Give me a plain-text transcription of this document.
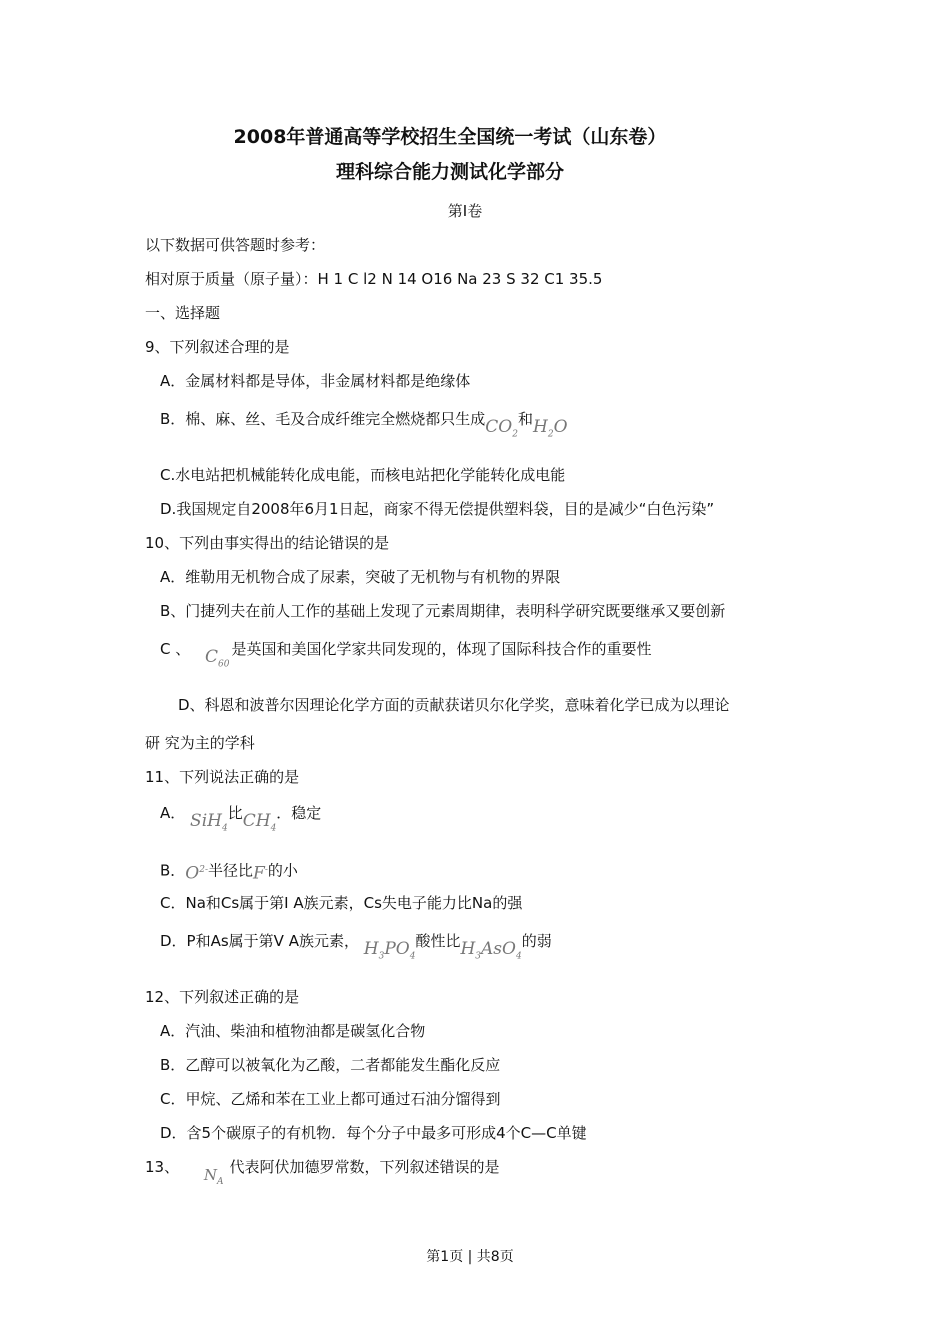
2008年普通高等学校招生全国统一考试（山东卷）
理科综合能力测试化学部分
第Ⅰ卷
以下数据可供答题时参考：
相对原于质量（原子量）：H 1 C l2 N 14 O16 Na 23 S 32 C1 35.5
一、选择题
9、下列叙述合理的是
A．金属材料都是导体，非金属材料都是绝缘体
B．棉、麻、丝、毛及合成纤维完全燃烧都只生成$CO_2$和$H_2O$
C.水电站把机械能转化成电能，而核电站把化学能转化成电能
D.我国规定自2008年6月1日起，商家不得无偿提供塑料袋，目的是减少“白色污染”
10、下列由事实得出的结论错误的是
A．维勒用无机物合成了尿素，突破了无机物与有机物的界限
B、门捷列夫在前人工作的基础上发现了元素周期律，表明科学研究既要继承又要创新
C 、 $C_{60}$是英国和美国化学家共同发现的，体现了国际科技合作的重要性
D、科恩和波普尔因理论化学方面的贡献获诺贝尔化学奖，意味着化学已成为以理论
研 究为主的学科
11、下列说法正确的是
A． SiH$_4$比$CH_4$．稳定
B．$O^{2-}$半径比F-的小
C．Na和Cs属于第Ⅰ A族元素，Cs失电子能力比Na的强
D．P和As属于第Ⅴ A族元素， $H_3PO_4$酸性比$H_3AsO_4$的弱
12、下列叙述正确的是
A．汽油、柴油和植物油都是碳氢化合物
B．乙醇可以被氧化为乙酸，二者都能发生酯化反应
C．甲烷、乙烯和苯在工业上都可通过石油分馏得到
D．含5个碳原子的有机物．每个分子中最多可形成4个C—C单键
13、 $N_A$代表阿伏加德罗常数，下列叙述错误的是
第1页 | 共8页
